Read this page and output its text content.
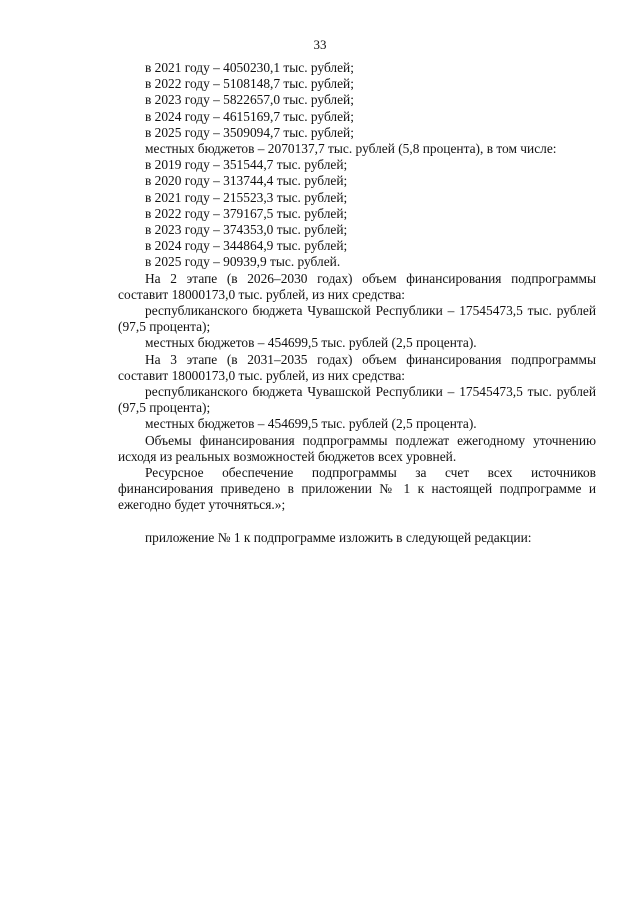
33

в 2021 году – 4050230,1 тыс. рублей;

в 2022 году – 5108148,7 тыс. рублей;

в 2023 году – 5822657,0 тыс. рублей;

в 2024 году – 4615169,7 тыс. рублей;

в 2025 году – 3509094,7 тыс. рублей;

местных бюджетов – 2070137,7 тыс. рублей (5,8 процента), в том числе:

в 2019 году – 351544,7 тыс. рублей;

в 2020 году – 313744,4 тыс. рублей;

в 2021 году – 215523,3 тыс. рублей;

в 2022 году – 379167,5 тыс. рублей;

в 2023 году – 374353,0 тыс. рублей;

в 2024 году – 344864,9 тыс. рублей;

в 2025 году – 90939,9 тыс. рублей.

На 2 этапе (в 2026–2030 годах) объем финансирования подпрограммы составит 18000173,0 тыс. рублей, из них средства:

республиканского бюджета Чувашской Республики – 17545473,5 тыс. рублей (97,5 процента);

местных бюджетов – 454699,5 тыс. рублей (2,5 процента).

На 3 этапе (в 2031–2035 годах) объем финансирования подпрограммы составит 18000173,0 тыс. рублей, из них средства:

республиканского бюджета Чувашской Республики – 17545473,5 тыс. рублей (97,5 процента);

местных бюджетов – 454699,5 тыс. рублей (2,5 процента).

Объемы финансирования подпрограммы подлежат ежегодному уточнению исходя из реальных возможностей бюджетов всех уровней.

Ресурсное обеспечение подпрограммы за счет всех источников финансирования приведено в приложении № 1 к настоящей подпрограмме и ежегодно будет уточняться.»;

приложение № 1 к подпрограмме изложить в следующей редакции:
